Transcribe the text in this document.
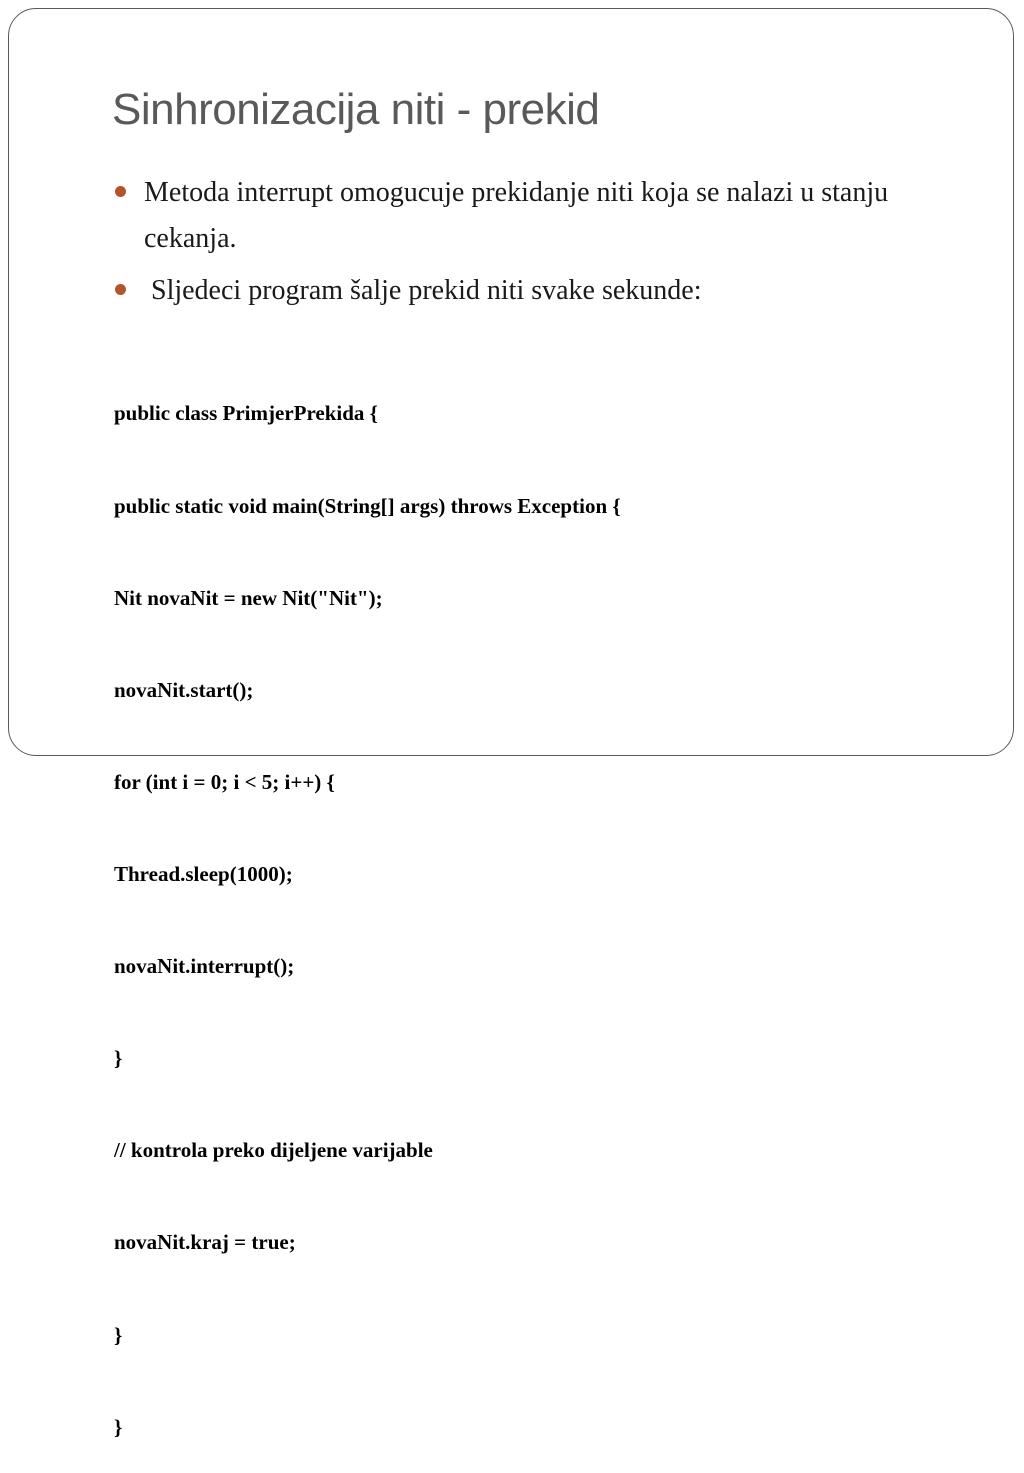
Sinhronizacija niti - prekid
Metoda interrupt omogucuje prekidanje niti koja se nalazi u stanju cekanja.
Sljedeci program šalje prekid niti svake sekunde:

public class PrimjerPrekida {

public static void main(String[] args) throws Exception {

Nit novaNit = new Nit("Nit");

novaNit.start();

for (int i = 0; i < 5; i++) {

Thread.sleep(1000);

novaNit.interrupt();

}

// kontrola preko dijeljene varijable

novaNit.kraj = true;

}

}
